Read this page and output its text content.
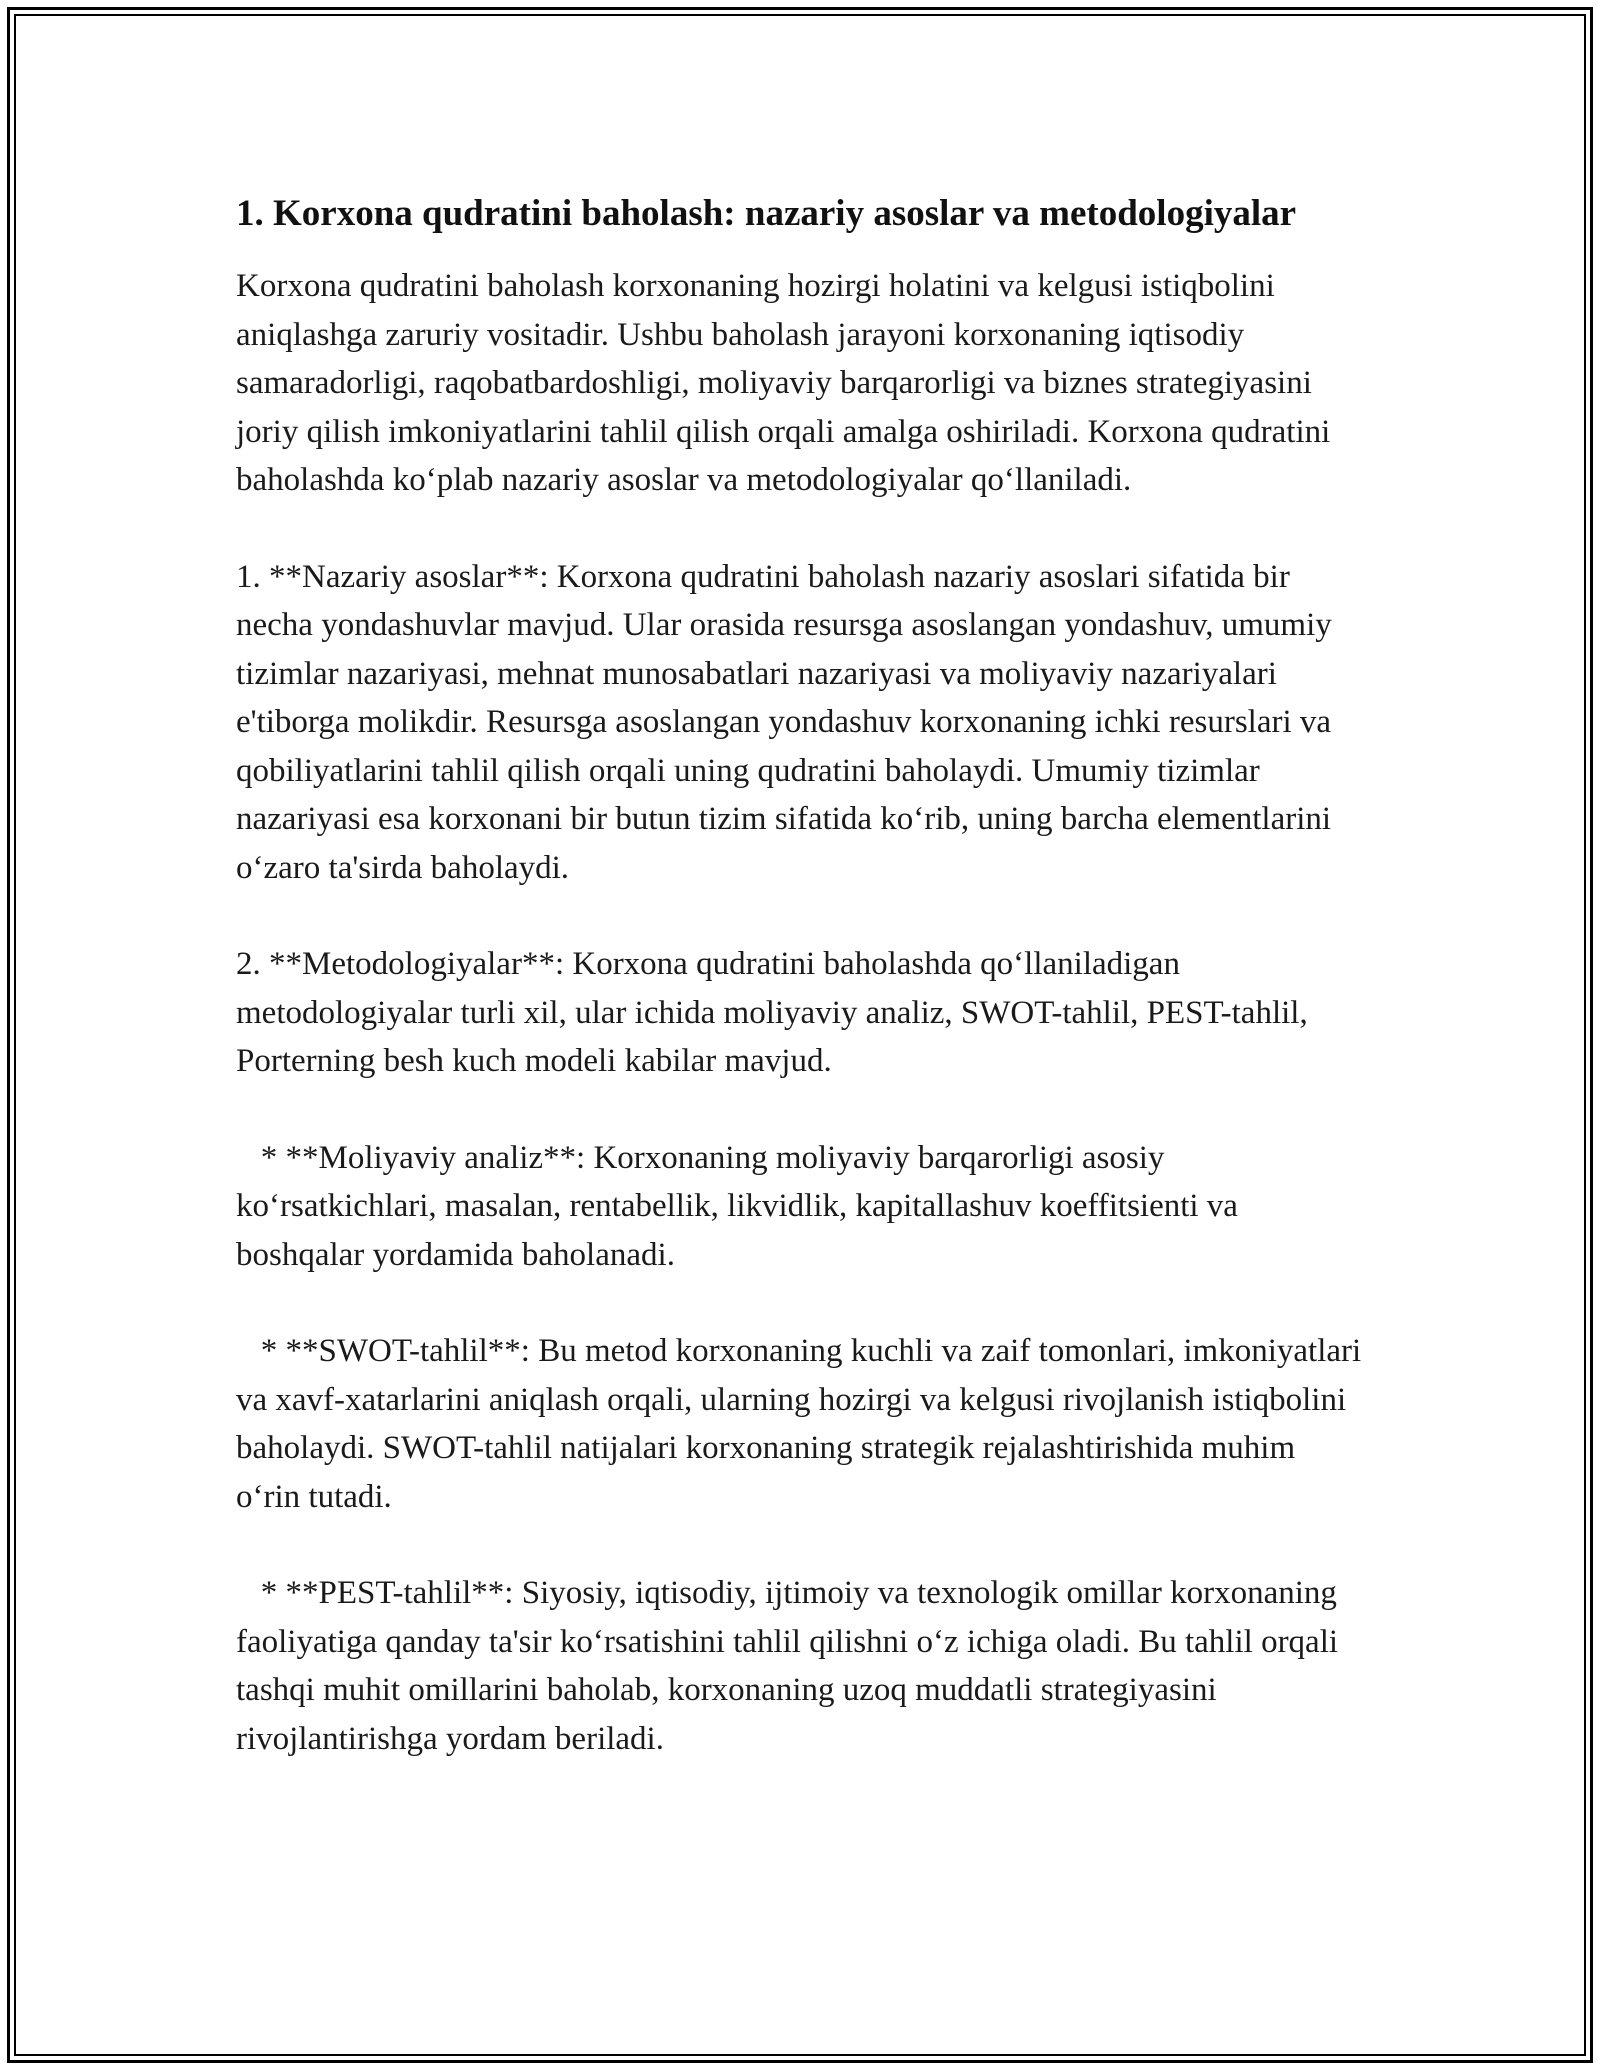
1. Korxona qudratini baholash: nazariy asoslar va metodologiyalar

Korxona qudratini baholash korxonaning hozirgi holatini va kelgusi istiqbolini aniqlashga zaruriy vositadir. Ushbu baholash jarayoni korxonaning iqtisodiy samaradorligi, raqobatbardoshligi, moliyaviy barqarorligi va biznes strategiyasini joriy qilish imkoniyatlarini tahlil qilish orqali amalga oshiriladi. Korxona qudratini baholashda koʻplab nazariy asoslar va metodologiyalar qoʻllaniladi.

1. **Nazariy asoslar**: Korxona qudratini baholash nazariy asoslari sifatida bir necha yondashuvlar mavjud. Ular orasida resursga asoslangan yondashuv, umumiy tizimlar nazariyasi, mehnat munosabatlari nazariyasi va moliyaviy nazariyalari e'tiborga molikdir. Resursga asoslangan yondashuv korxonaning ichki resurslari va qobiliyatlarini tahlil qilish orqali uning qudratini baholaydi. Umumiy tizimlar nazariyasi esa korxonani bir butun tizim sifatida koʻrib, uning barcha elementlarini oʻzaro ta'sirda baholaydi.

2. **Metodologiyalar**: Korxona qudratini baholashda qoʻllaniladigan metodologiyalar turli xil, ular ichida moliyaviy analiz, SWOT-tahlil, PEST-tahlil, Porterning besh kuch modeli kabilar mavjud.

* **Moliyaviy analiz**: Korxonaning moliyaviy barqarorligi asosiy koʻrsatkichlari, masalan, rentabellik, likvidlik, kapitallashuv koeffitsienti va boshqalar yordamida baholanadi.

* **SWOT-tahlil**: Bu metod korxonaning kuchli va zaif tomonlari, imkoniyatlari va xavf-xatarlarini aniqlash orqali, ularning hozirgi va kelgusi rivojlanish istiqbolini baholaydi. SWOT-tahlil natijalari korxonaning strategik rejalashtirishida muhim oʻrin tutadi.

* **PEST-tahlil**: Siyosiy, iqtisodiy, ijtimoiy va texnologik omillar korxonaning faoliyatiga qanday ta'sir koʻrsatishini tahlil qilishni oʻz ichiga oladi. Bu tahlil orqali tashqi muhit omillarini baholab, korxonaning uzoq muddatli strategiyasini rivojlantirishga yordam beriladi.
